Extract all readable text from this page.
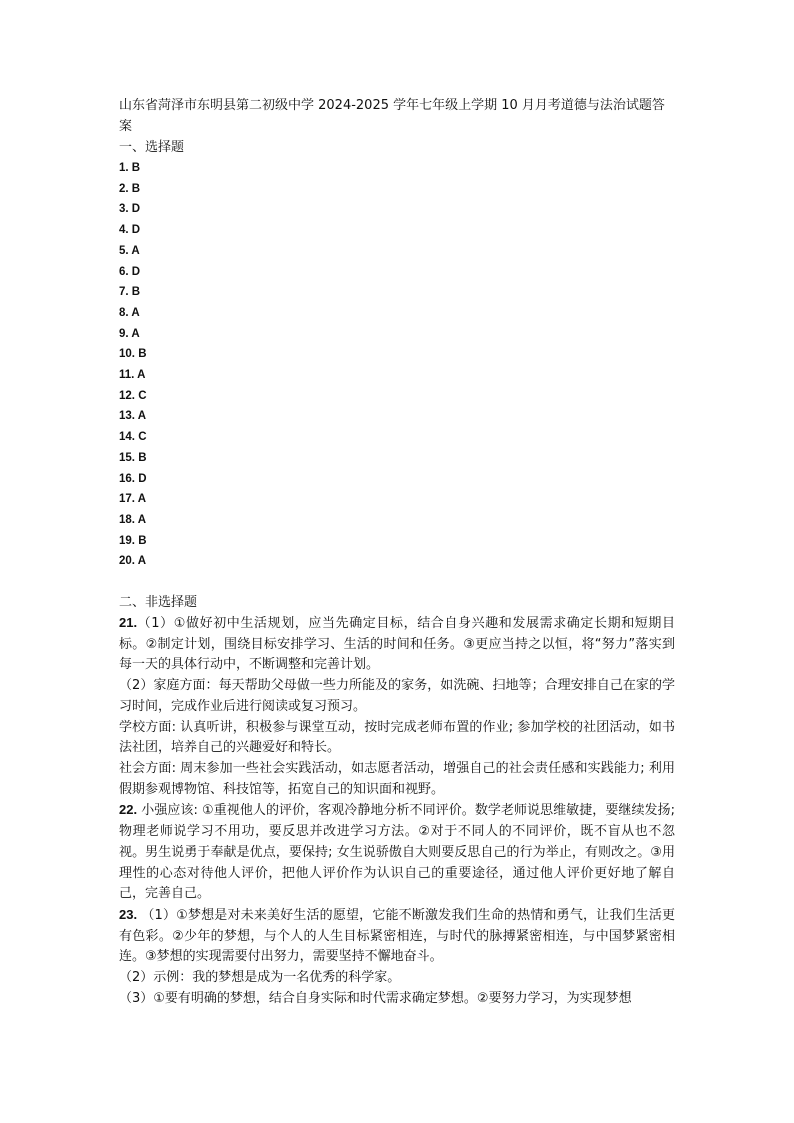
山东省菏泽市东明县第二初级中学 2024-2025 学年七年级上学期 10 月月考道德与法治试题答案

一、选择题

1. B
2. B
3. D
4. D
5. A
6. D
7. B
8. A
9. A
10. B
11. A
12. C
13. A
14. C
15. B
16. D
17. A
18. A
19. B
20. A

二、非选择题

21.（1）①做好初中生活规划，应当先确定目标，结合自身兴趣和发展需求确定长期和短期目标。②制定计划，围绕目标安排学习、生活的时间和任务。③更应当持之以恒，将“努力”落实到每一天的具体行动中，不断调整和完善计划。

（2）家庭方面：每天帮助父母做一些力所能及的家务，如洗碗、扫地等；合理安排自己在家的学习时间，完成作业后进行阅读或复习预习。

学校方面: 认真听讲，积极参与课堂互动，按时完成老师布置的作业; 参加学校的社团活动，如书法社团，培养自己的兴趣爱好和特长。

社会方面: 周末参加一些社会实践活动，如志愿者活动，增强自己的社会责任感和实践能力; 利用假期参观博物馆、科技馆等，拓宽自己的知识面和视野。

22. 小强应该: ①重视他人的评价，客观冷静地分析不同评价。数学老师说思维敏捷，要继续发扬; 物理老师说学习不用功，要反思并改进学习方法。②对于不同人的不同评价，既不盲从也不忽视。男生说勇于奉献是优点，要保持; 女生说骄傲自大则要反思自己的行为举止，有则改之。③用理性的心态对待他人评价，把他人评价作为认识自己的重要途径，通过他人评价更好地了解自己，完善自己。

23. （1）①梦想是对未来美好生活的愿望，它能不断激发我们生命的热情和勇气，让我们生活更有色彩。②少年的梦想，与个人的人生目标紧密相连，与时代的脉搏紧密相连，与中国梦紧密相连。③梦想的实现需要付出努力，需要坚持不懈地奋斗。

（2）示例：我的梦想是成为一名优秀的科学家。

（3）①要有明确的梦想，结合自身实际和时代需求确定梦想。②要努力学习，为实现梦想
